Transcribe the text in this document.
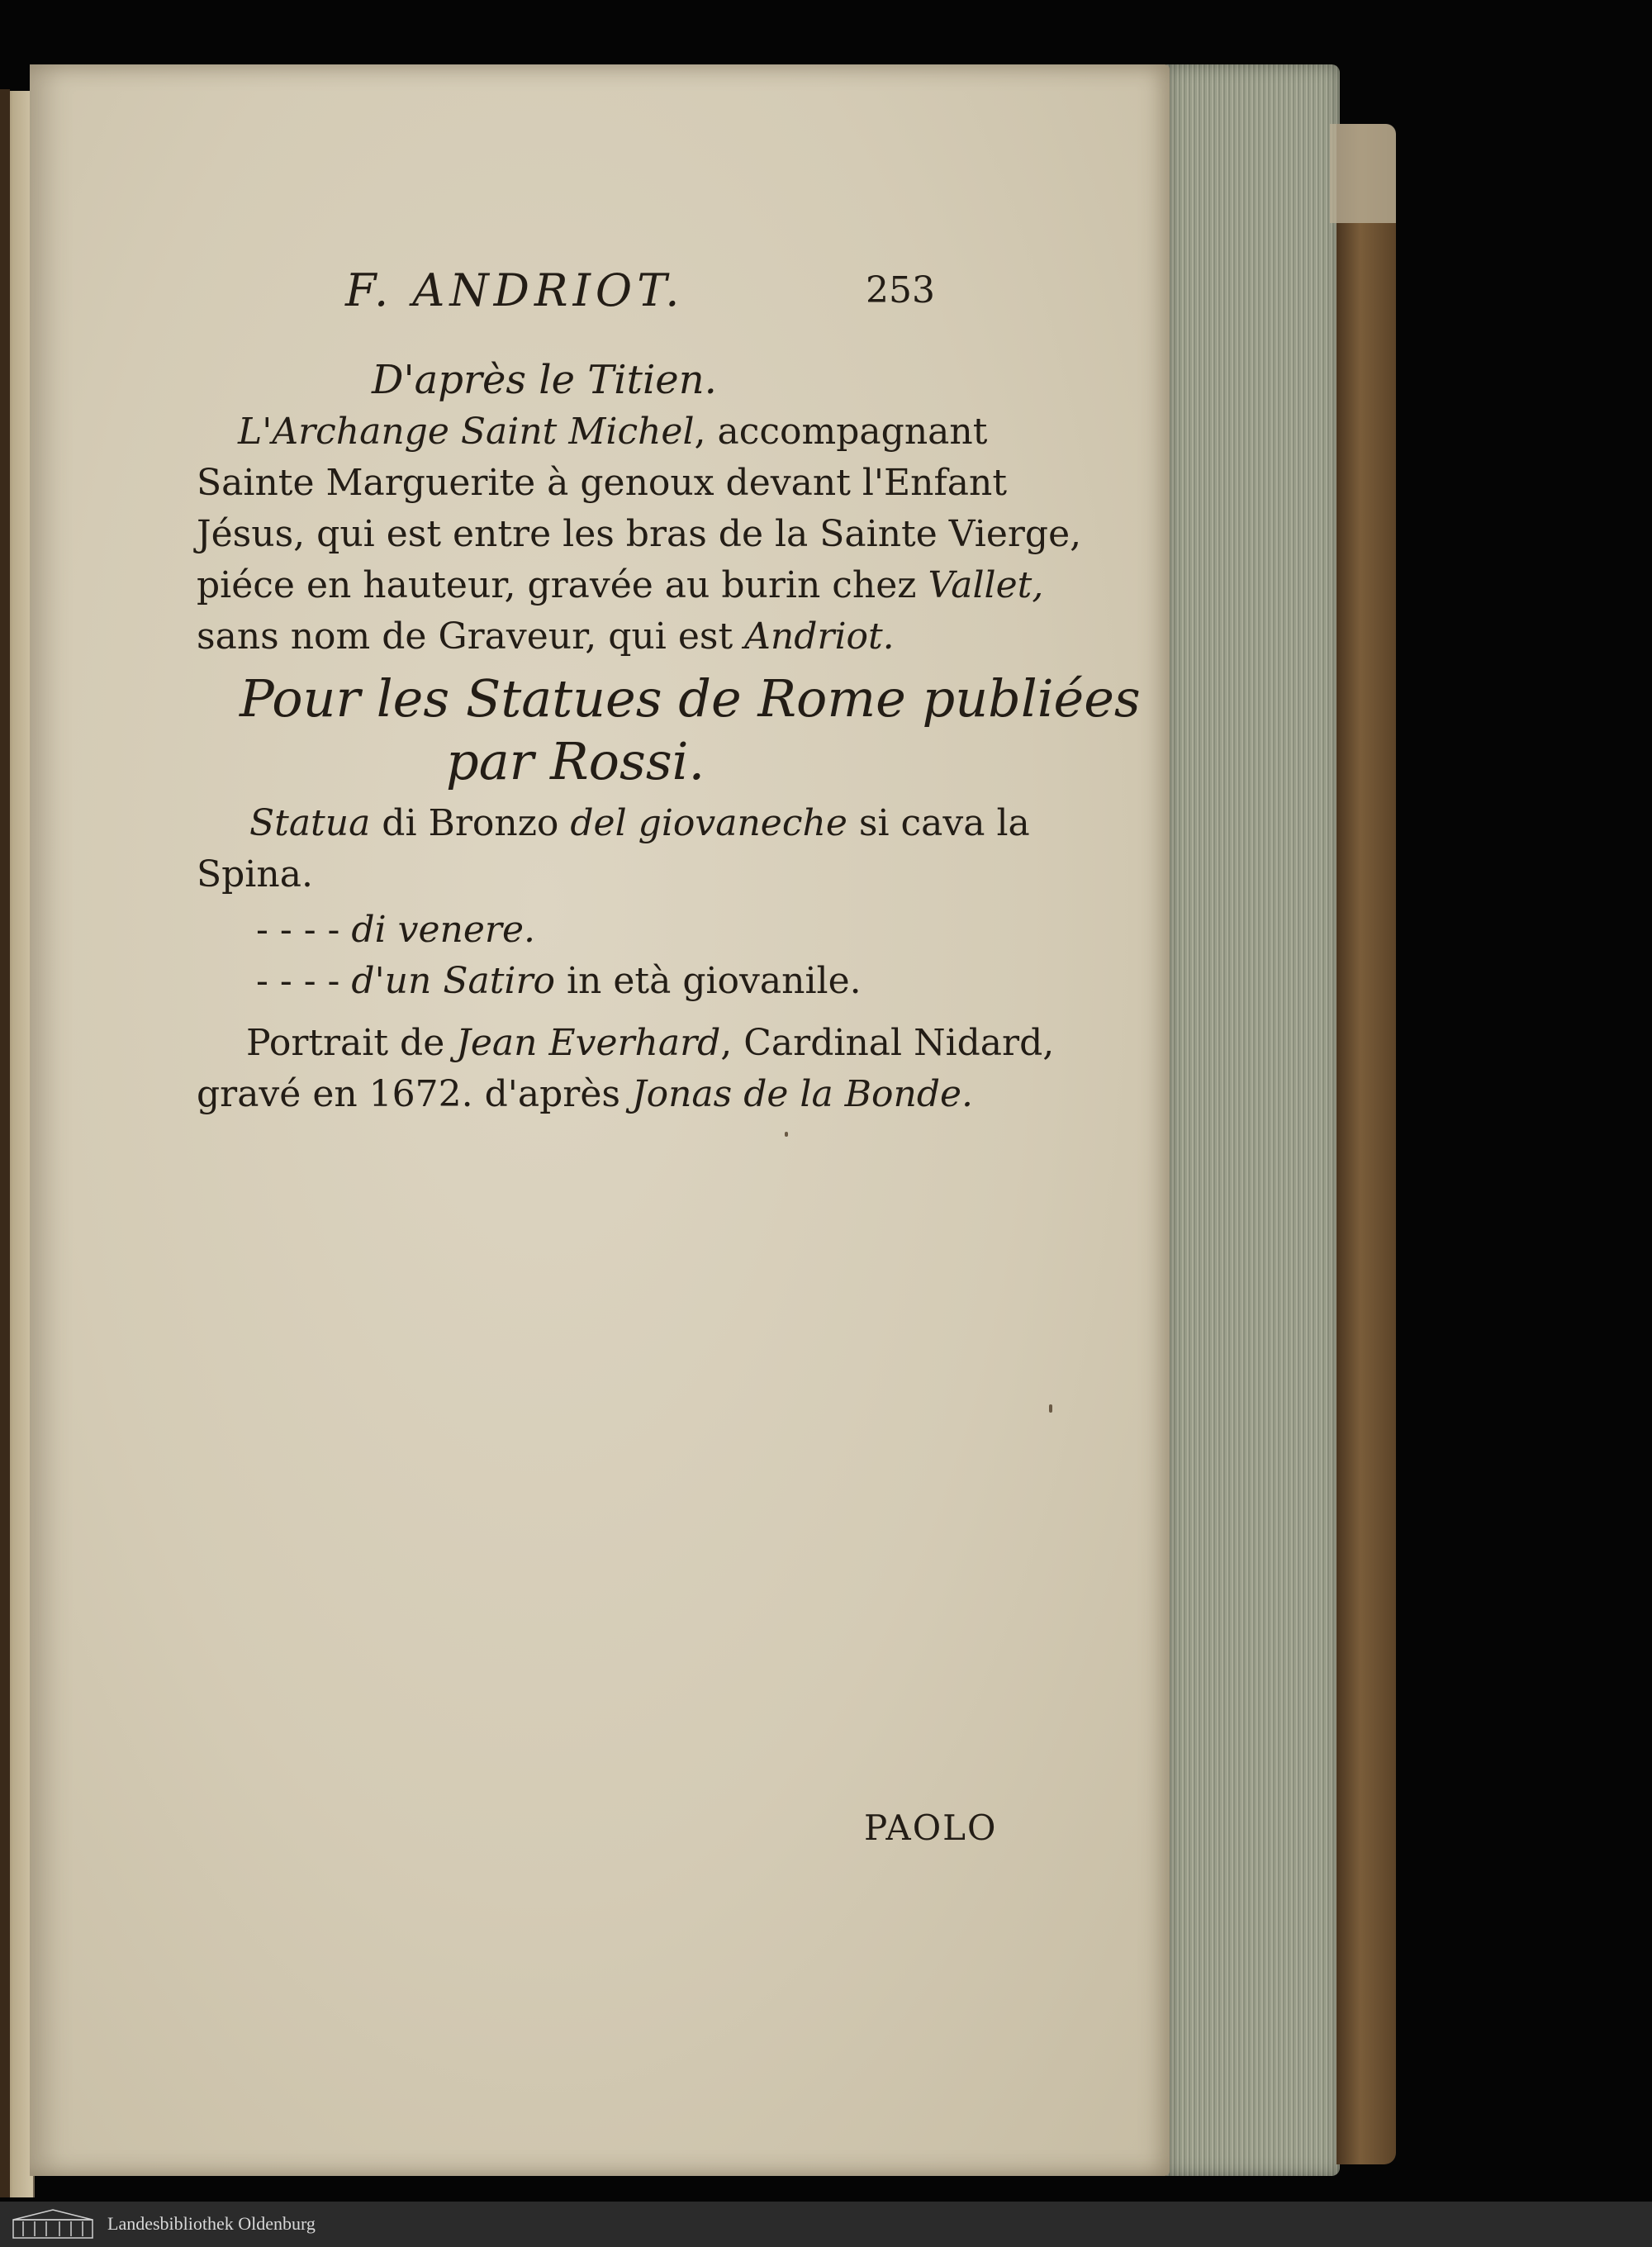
F. ANDRIOT.	253
D'après le Titien.
L'Archange Saint Michel, accompagnant
Sainte Marguerite à genoux devant l'Enfant
Jésus, qui est entre les bras de la Sainte Vierge,
piéce en hauteur, gravée au burin chez Vallet,
sans nom de Graveur, qui est Andriot.
Pour les Statues de Rome publiées
par Rossi.
Statua di Bronzo del giovaneche si cava la
Spina.
- - - - di venere.
- - - - d'un Satiro in età giovanile.
Portrait de Jean Everhard, Cardinal Nidard,
gravé en 1672. d'après Jonas de la Bonde.
PAOLO
Landesbibliothek Oldenburg
